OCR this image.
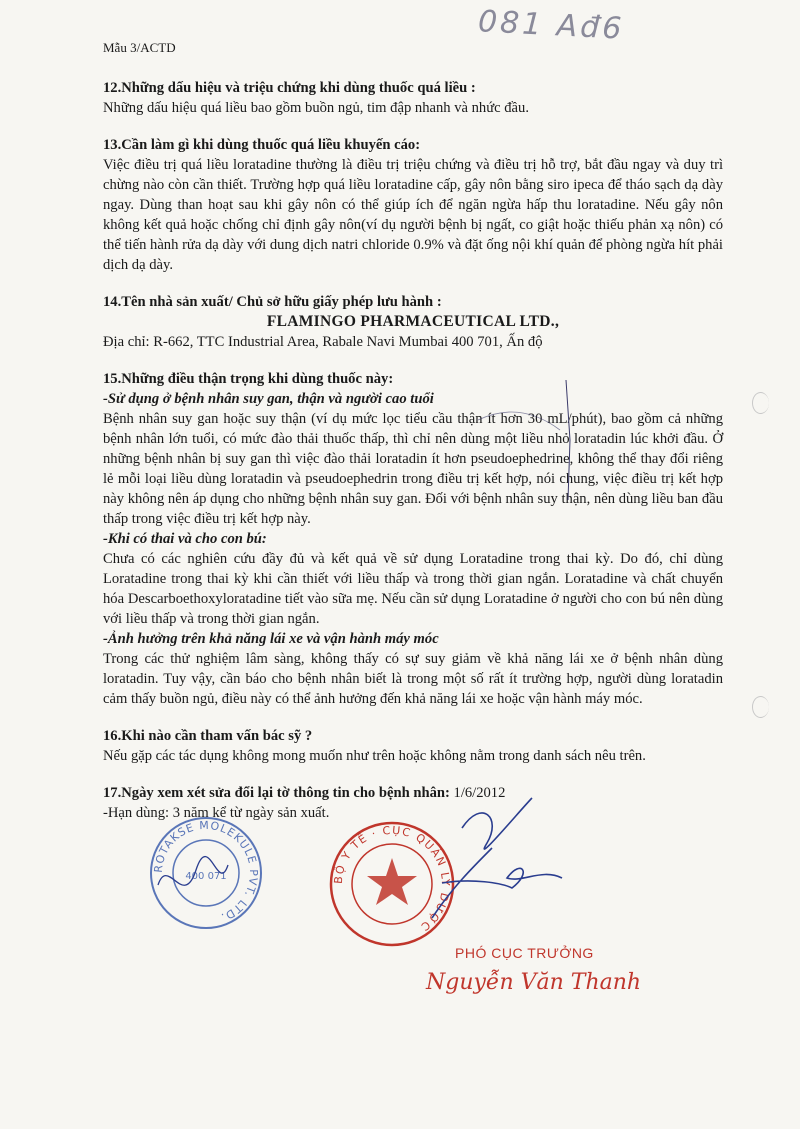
Mẫu 3/ACTD
081 Ađ6

12.Những dấu hiệu và triệu chứng khi dùng thuốc quá liều :

Những dấu hiệu quá liều bao gồm buồn ngủ, tim đập nhanh và nhức đầu.

13.Cần làm gì khi dùng thuốc quá liều khuyến cáo:

Việc điều trị quá liều loratadine thường là điều trị triệu chứng và điều trị hỗ trợ, bắt đầu ngay và duy trì chừng nào còn cần thiết. Trường hợp quá liều loratadine cấp, gây nôn bằng siro ipeca để tháo sạch dạ dày ngay. Dùng than hoạt sau khi gây nôn có thể giúp ích để ngăn ngừa hấp thu loratadine. Nếu gây nôn không kết quả hoặc chống chỉ định gây nôn(ví dụ người bệnh bị ngất, co giật hoặc thiếu phản xạ nôn) có thể tiến hành rửa dạ dày với dung dịch natri chloride 0.9% và đặt ống nội khí quản để phòng ngừa hít phải dịch dạ dày.

14.Tên nhà sản xuất/ Chủ sở hữu giấy phép lưu hành :

FLAMINGO PHARMACEUTICAL LTD.,

Địa chỉ: R-662, TTC Industrial Area, Rabale Navi Mumbai 400 701, Ấn độ

15.Những điều thận trọng khi dùng thuốc này:

-Sử dụng ở bệnh nhân suy gan, thận và người cao tuổi

Bệnh nhân suy gan hoặc suy thận (ví dụ mức lọc tiểu cầu thận ít hơn 30 mL/phút), bao gồm cả những bệnh nhân lớn tuổi, có mức đào thải thuốc thấp, thì chỉ nên dùng một liều nhỏ loratadin lúc khởi đầu. Ở những bệnh nhân bị suy gan thì việc đào thải loratadin ít hơn pseudoephedrine, không thể thay đổi riêng lẻ mỗi loại liều dùng loratadin và pseudoephedrin trong điều trị kết hợp, nói chung, việc điều trị kết hợp này không nên áp dụng cho những bệnh nhân suy gan. Đối với bệnh nhân suy thận, nên dùng liều ban đầu thấp trong việc điều trị kết hợp này.

-Khi có thai và cho con bú:

Chưa có các nghiên cứu đầy đủ và kết quả về sử dụng Loratadine trong thai kỳ. Do đó, chỉ dùng Loratadine trong thai kỳ khi cần thiết với liều thấp và trong thời gian ngắn. Loratadine và chất chuyển hóa Descarboethoxyloratadine tiết vào sữa mẹ. Nếu cần sử dụng Loratadine ở người cho con bú nên dùng với liều thấp và trong thời gian ngắn.

-Ảnh hưởng trên khả năng lái xe và vận hành máy móc

Trong các thử nghiệm lâm sàng, không thấy có sự suy giảm về khả năng lái xe ở bệnh nhân dùng loratadin. Tuy vậy, cần báo cho bệnh nhân biết là trong một số rất ít trường hợp, người dùng loratadin cảm thấy buồn ngủ, điều này có thể ảnh hưởng đến khả năng lái xe hoặc vận hành máy móc.

16.Khi nào cần tham vấn bác sỹ ?

Nếu gặp các tác dụng không mong muốn như trên hoặc không nằm trong danh sách nêu trên.

17.Ngày xem xét sửa đổi lại tờ thông tin cho bệnh nhân: 1/6/2012

-Hạn dùng: 3 năm kể từ ngày sản xuất.

ROTAKSE MOLEKULE PVT. LTD.
400 071	BỘ Y TẾ · CỤC QUẢN LÝ DƯỢC
PHÓ CỤC TRƯỞNG
Nguyễn Văn Thanh
